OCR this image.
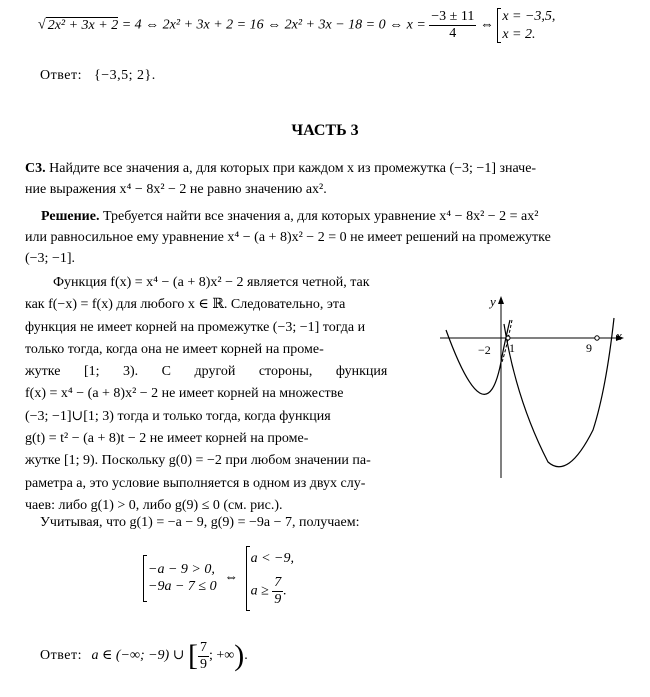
√ 2x² + 3x + 2 = 4 ⇔ 2x² + 3x + 2 = 16 ⇔ 2x² + 3x − 18 = 0 ⇔ $x = \frac{-3 \pm 11}{4}$ ⇔
x = −3,5,
x = 2.
Ответ: {−3,5; 2}.
ЧАСТЬ 3
С3. Найдите все значения a, для которых при каждом x из промежутка (−3; −1] значе-
ние выражения x⁴ − 8x² − 2 не равно значению ax².
Решение. Требуется найти все значения a, для которых уравнение x⁴ − 8x² − 2 = ax²
или равносильное ему уравнение x⁴ − (a + 8)x² − 2 = 0 не имеет решений на промежутке
(−3; −1].
Функция f(x) = x⁴ − (a + 8)x² − 2 является четной, так
как f(−x) = f(x) для любого x ∈ ℝ. Следовательно, эта
функция не имеет корней на промежутке (−3; −1] тогда и
только тогда, когда она не имеет корней на проме-
жутке [1; 3). С другой стороны, функция
f(x) = x⁴ − (a + 8)x² − 2 не имеет корней на множестве
(−3; −1]∪[1; 3) тогда и только тогда, когда функция
g(t) = t² − (a + 8)t − 2 не имеет корней на проме-
жутке [1; 9). Поскольку g(0) = −2 при любом значении па-
раметра a, это условие выполняется в одном из двух слу-
чаев: либо g(1) > 0, либо g(9) ≤ 0 (см. рис.).
y
x
1	9
−2
Учитывая, что g(1) = −a − 9, g(9) = −9a − 7, получаем:
−a − 9 > 0,
−9a − 7 ≤ 0
⇔
a < −9,
$a \ge \frac{7}{9}$ .
Ответ: a ∈ (−∞; −9) ∪ [ $\frac{7}{9}$ ; +∞).
